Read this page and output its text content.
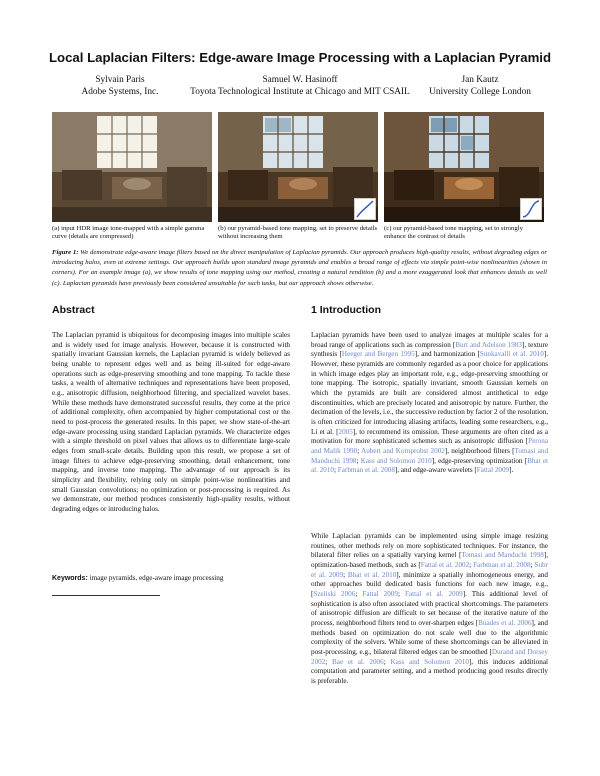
Local Laplacian Filters: Edge-aware Image Processing with a Laplacian Pyramid
Sylvain Paris
Adobe Systems, Inc.
Samuel W. Hasinoff
Toyota Technological Institute at Chicago and MIT CSAIL
Jan Kautz
University College London
(a) input HDR image tone-mapped with a simple gamma curve (details are compressed)
(b) our pyramid-based tone mapping, set to preserve details without increasing them
(c) our pyramid-based tone mapping, set to strongly enhance the contrast of details
Figure 1: We demonstrate edge-aware image filters based on the direct manipulation of Laplacian pyramids. Our approach produces high-quality results, without degrading edges or introducing halos, even at extreme settings. Our approach builds upon standard image pyramids and enables a broad range of effects via simple point-wise nonlinearities (shown in corners). For an example image (a), we show results of tone mapping using our method, creating a natural rendition (b) and a more exaggerated look that enhances details as well (c). Laplacian pyramids have previously been considered unsuitable for such tasks, but our approach shows otherwise.
Abstract
The Laplacian pyramid is ubiquitous for decomposing images into multiple scales and is widely used for image analysis. However, because it is constructed with spatially invariant Gaussian kernels, the Laplacian pyramid is widely believed as being unable to represent edges well and as being ill-suited for edge-aware operations such as edge-preserving smoothing and tone mapping. To tackle these tasks, a wealth of alternative techniques and representations have been proposed, e.g., anisotropic diffusion, neighborhood filtering, and specialized wavelet bases. While these methods have demonstrated successful results, they come at the price of additional complexity, often accompanied by higher computational cost or the need to post-process the generated results. In this paper, we show state-of-the-art edge-aware processing using standard Laplacian pyramids. We characterize edges with a simple threshold on pixel values that allows us to differentiate large-scale edges from small-scale details. Building upon this result, we propose a set of image filters to achieve edge-preserving smoothing, detail enhancement, tone mapping, and inverse tone mapping. The advantage of our approach is its simplicity and flexibility, relying only on simple point-wise nonlinearities and small Gaussian convolutions; no optimization or post-processing is required. As we demonstrate, our method produces consistently high-quality results, without degrading edges or introducing halos.
Keywords: image pyramids, edge-aware image processing
1 Introduction
Laplacian pyramids have been used to analyze images at multiple scales for a broad range of applications such as compression [Burt and Adelson 1983], texture synthesis [Heeger and Bergen 1995], and harmonization [Sunkavalli et al. 2010]. However, these pyramids are commonly regarded as a poor choice for applications in which image edges play an important role, e.g., edge-preserving smoothing or tone mapping. The isotropic, spatially invariant, smooth Gaussian kernels on which the pyramids are built are considered almost antithetical to edge discontinuities, which are precisely located and anisotropic by nature. Further, the decimation of the levels, i.e., the successive reduction by factor 2 of the resolution, is often criticized for introducing aliasing artifacts, leading some researchers, e.g., Li et al. [2005], to recommend its omission. These arguments are often cited as a motivation for more sophisticated schemes such as anisotropic diffusion [Perona and Malik 1990; Aubert and Kornprobst 2002], neighborhood filters [Tomasi and Manduchi 1998; Kass and Solomon 2010], edge-preserving optimization [Bhat et al. 2010; Farbman et al. 2008], and edge-aware wavelets [Fattal 2009].
While Laplacian pyramids can be implemented using simple image resizing routines, other methods rely on more sophisticated techniques. For instance, the bilateral filter relies on a spatially varying kernel [Tomasi and Manduchi 1998], optimization-based methods, such as [Fattal et al. 2002; Farbman et al. 2008; Subr et al. 2009; Bhat et al. 2010], minimize a spatially inhomogeneous energy, and other approaches build dedicated basis functions for each new image, e.g., [Szeliski 2006; Fattal 2009; Fattal et al. 2009]. This additional level of sophistication is also often associated with practical shortcomings. The parameters of anisotropic diffusion are difficult to set because of the iterative nature of the process, neighborhood filters tend to over-sharpen edges [Buades et al. 2006], and methods based on optimization do not scale well due to the algorithmic complexity of the solvers. While some of these shortcomings can be alleviated in post-processing, e.g., bilateral filtered edges can be smoothed [Durand and Dorsey 2002; Bae et al. 2006; Kass and Solomon 2010], this induces additional computation and parameter setting, and a method producing good results directly is preferable.
